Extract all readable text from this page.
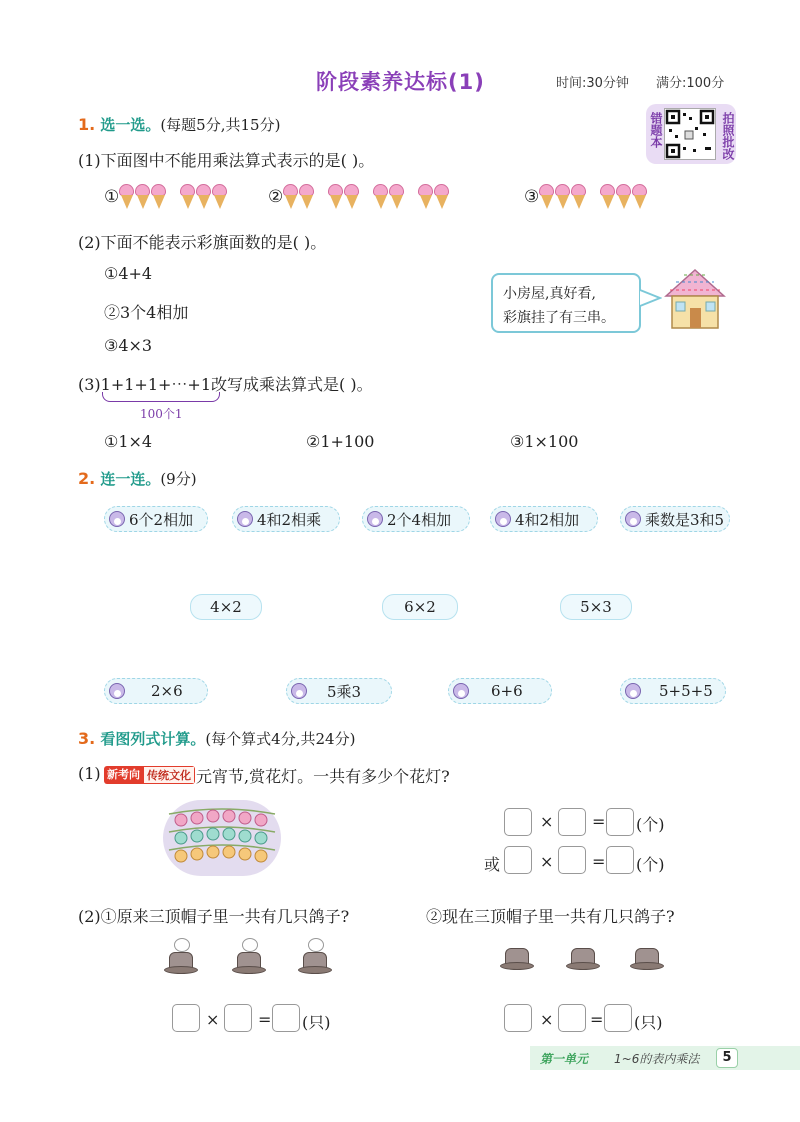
阶段素养达标(1)	时间:30分钟 满分:100分
错题本	拍照批改
1. 选一选。(每题5分,共15分)
(1)下面图中不能用乘法算式表示的是( )。
①	②	③
(2)下面不能表示彩旗面数的是( )。
①4+4
②3个4相加
③4×3
小房屋,真好看,
彩旗挂了有三串。
(3)1+1+1+⋯+1改写成乘法算式是( )。
100个1
①1×4	②1+100	③1×100
2. 连一连。(9分)
6个2相加	4和2相乘	2个4相加	4和2相加	乘数是3和5
4×2	6×2	5×3
2×6	5乘3	6+6	5+5+5
3. 看图列式计算。(每个算式4分,共24分)
(1) 新考向 传统文化 元宵节,赏花灯。一共有多少个花灯?
× = (个)
或 × = (个)
(2)①原来三顶帽子里一共有几只鸽子?	②现在三顶帽子里一共有几只鸽子?
× = (只)	× = (只)
第一单元 1~6的表内乘法	5
